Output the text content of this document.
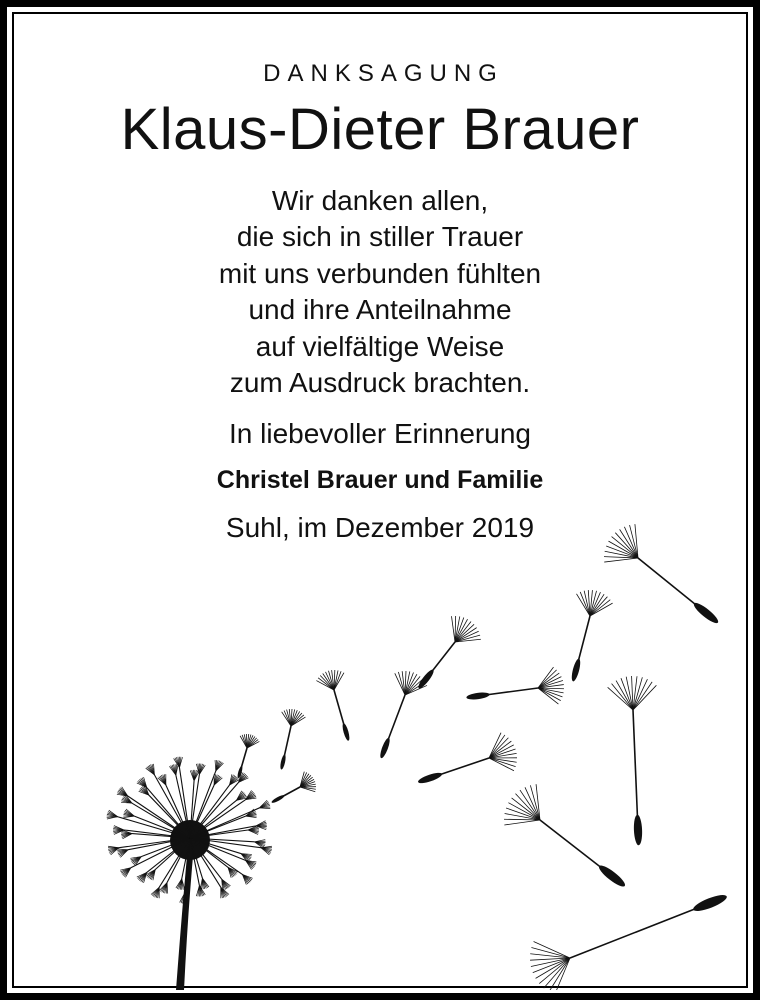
DANKSAGUNG
Klaus-Dieter Brauer
Wir danken allen,
die sich in stiller Trauer
mit uns verbunden fühlten
und ihre Anteilnahme
auf vielfältige Weise
zum Ausdruck brachten.
In liebevoller Erinnerung
Christel Brauer und Familie
Suhl, im Dezember 2019
